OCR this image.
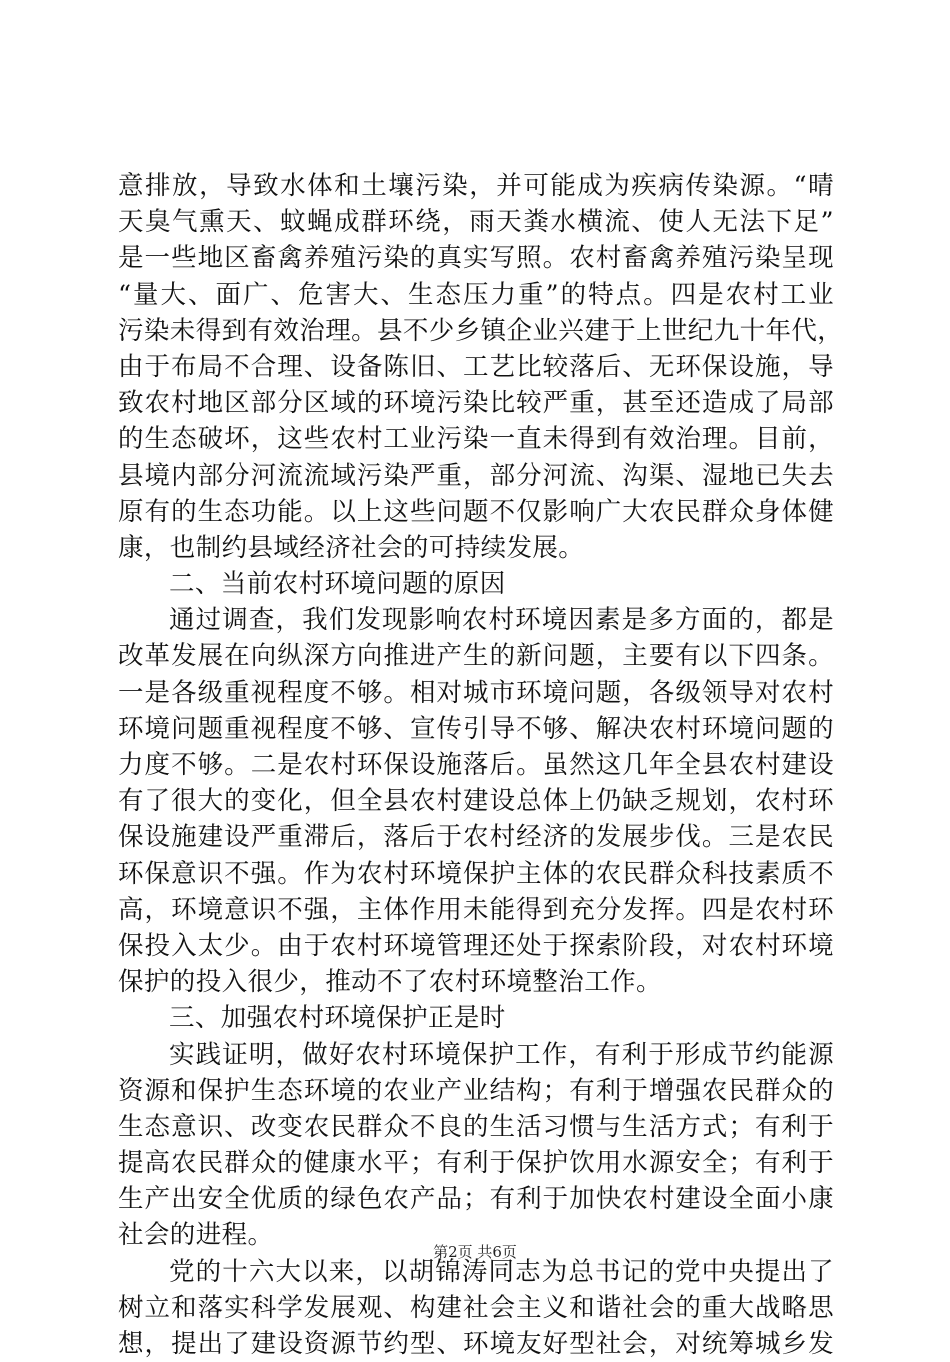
意排放，导致水体和土壤污染，并可能成为疾病传染源。“晴
天臭气熏天、蚊蝇成群环绕，雨天粪水横流、使人无法下足”
是一些地区畜禽养殖污染的真实写照。农村畜禽养殖污染呈现
“量大、面广、危害大、生态压力重”的特点。四是农村工业
污染未得到有效治理。县不少乡镇企业兴建于上世纪九十年代，
由于布局不合理、设备陈旧、工艺比较落后、无环保设施，导
致农村地区部分区域的环境污染比较严重，甚至还造成了局部
的生态破坏，这些农村工业污染一直未得到有效治理。目前，
县境内部分河流流域污染严重，部分河流、沟渠、湿地已失去
原有的生态功能。以上这些问题不仅影响广大农民群众身体健
康，也制约县域经济社会的可持续发展。
二、当前农村环境问题的原因
通过调查，我们发现影响农村环境因素是多方面的，都是
改革发展在向纵深方向推进产生的新问题，主要有以下四条。
一是各级重视程度不够。相对城市环境问题，各级领导对农村
环境问题重视程度不够、宣传引导不够、解决农村环境问题的
力度不够。二是农村环保设施落后。虽然这几年全县农村建设
有了很大的变化，但全县农村建设总体上仍缺乏规划，农村环
保设施建设严重滞后，落后于农村经济的发展步伐。三是农民
环保意识不强。作为农村环境保护主体的农民群众科技素质不
高，环境意识不强，主体作用未能得到充分发挥。四是农村环
保投入太少。由于农村环境管理还处于探索阶段，对农村环境
保护的投入很少，推动不了农村环境整治工作。
三、加强农村环境保护正是时
实践证明，做好农村环境保护工作，有利于形成节约能源
资源和保护生态环境的农业产业结构；有利于增强农民群众的
生态意识、改变农民群众不良的生活习惯与生活方式；有利于
提高农民群众的健康水平；有利于保护饮用水源安全；有利于
生产出安全优质的绿色农产品；有利于加快农村建设全面小康
社会的进程。
党的十六大以来，以胡锦涛同志为总书记的党中央提出了
树立和落实科学发展观、构建社会主义和谐社会的重大战略思
想，提出了建设资源节约型、环境友好型社会，对统筹城乡发
第2页 共6页
